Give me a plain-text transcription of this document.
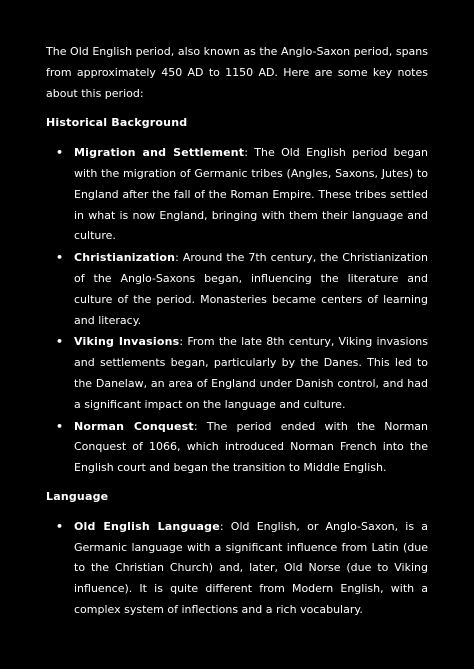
The Old English period, also known as the Anglo-Saxon period, spans from approximately 450 AD to 1150 AD. Here are some key notes about this period:

Historical Background
• Migration and Settlement: The Old English period began with the migration of Germanic tribes (Angles, Saxons, Jutes) to England after the fall of the Roman Empire. These tribes settled in what is now England, bringing with them their language and culture.
• Christianization: Around the 7th century, the Christianization of the Anglo-Saxons began, influencing the literature and culture of the period. Monasteries became centers of learning and literacy.
• Viking Invasions: From the late 8th century, Viking invasions and settlements began, particularly by the Danes. This led to the Danelaw, an area of England under Danish control, and had a significant impact on the language and culture.
• Norman Conquest: The period ended with the Norman Conquest of 1066, which introduced Norman French into the English court and began the transition to Middle English.
Language
• Old English Language: Old English, or Anglo-Saxon, is a Germanic language with a significant influence from Latin (due to the Christian Church) and, later, Old Norse (due to Viking influence). It is quite different from Modern English, with a complex system of inflections and a rich vocabulary.
